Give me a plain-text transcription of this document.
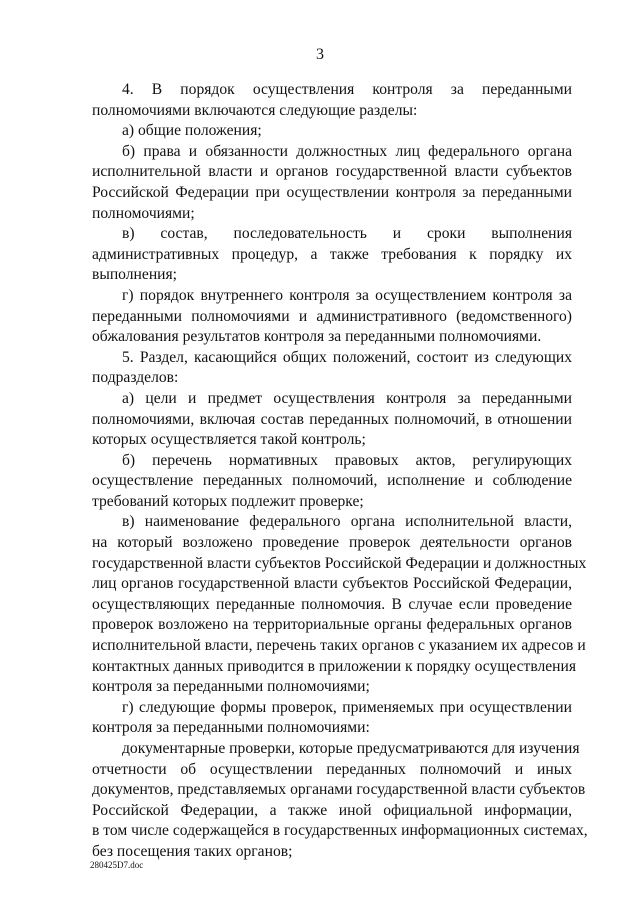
3
4. В порядок осуществления контроля за переданными
полномочиями включаются следующие разделы:
а) общие положения;
б) права и обязанности должностных лиц федерального органа
исполнительной власти и органов государственной власти субъектов
Российской Федерации при осуществлении контроля за переданными
полномочиями;
в) состав, последовательность и сроки выполнения
административных процедур, а также требования к порядку их
выполнения;
г) порядок внутреннего контроля за осуществлением контроля за
переданными полномочиями и административного (ведомственного)
обжалования результатов контроля за переданными полномочиями.
5. Раздел, касающийся общих положений, состоит из следующих
подразделов:
а) цели и предмет осуществления контроля за переданными
полномочиями, включая состав переданных полномочий, в отношении
которых осуществляется такой контроль;
б) перечень нормативных правовых актов, регулирующих
осуществление переданных полномочий, исполнение и соблюдение
требований которых подлежит проверке;
в) наименование федерального органа исполнительной власти,
на который возложено проведение проверок деятельности органов
государственной власти субъектов Российской Федерации и должностных
лиц органов государственной власти субъектов Российской Федерации,
осуществляющих переданные полномочия. В случае если проведение
проверок возложено на территориальные органы федеральных органов
исполнительной власти, перечень таких органов с указанием их адресов и
контактных данных приводится в приложении к порядку осуществления
контроля за переданными полномочиями;
г) следующие формы проверок, применяемых при осуществлении
контроля за переданными полномочиями:
документарные проверки, которые предусматриваются для изучения
отчетности об осуществлении переданных полномочий и иных
документов, представляемых органами государственной власти субъектов
Российской Федерации, а также иной официальной информации,
в том числе содержащейся в государственных информационных системах,
без посещения таких органов;
280425D7.doc
